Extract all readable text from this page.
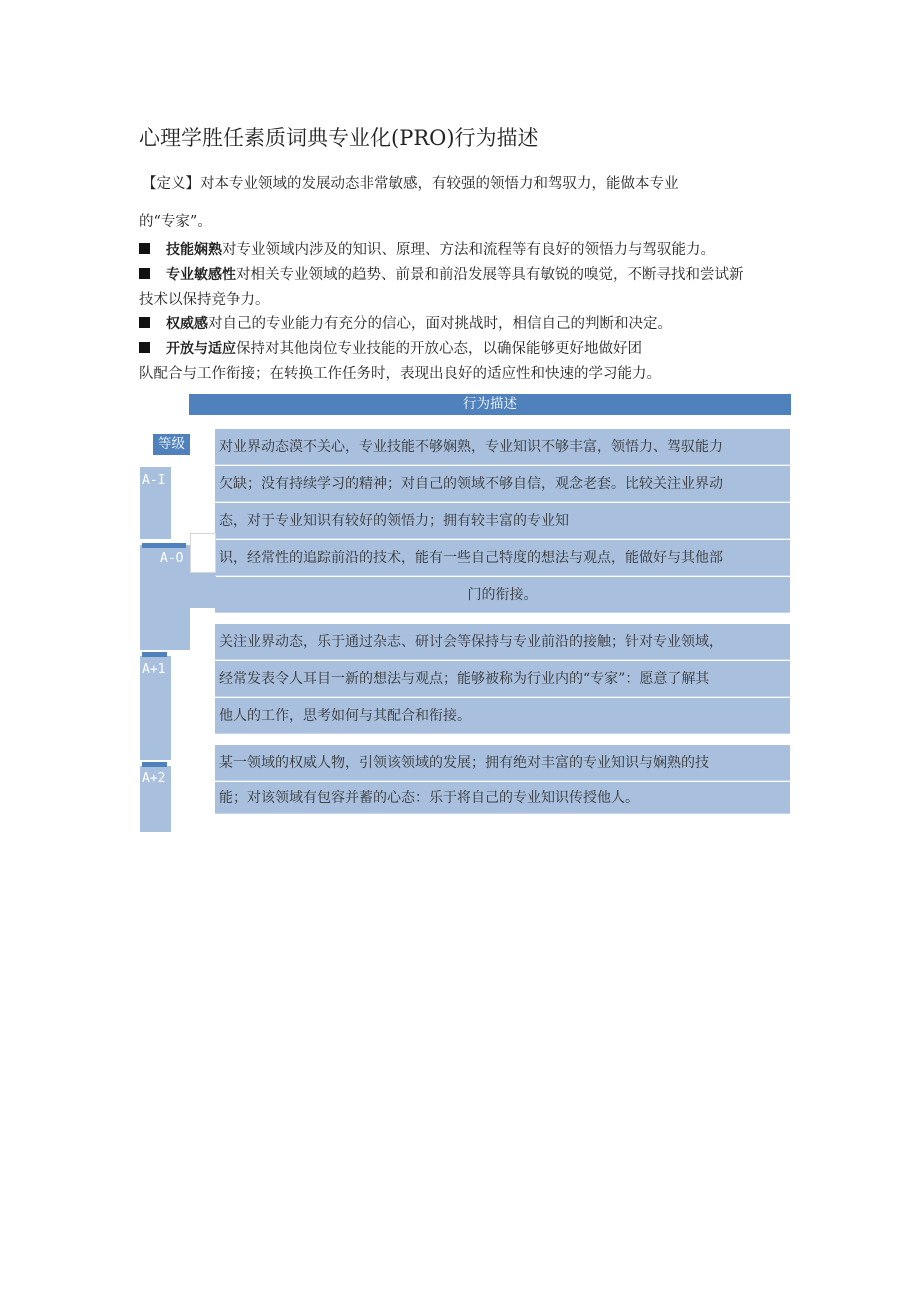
心理学胜任素质词典专业化(PRO)行为描述
【定义】对本专业领域的发展动态非常敏感，有较强的领悟力和驾驭力，能做本专业
的“专家”。
技能娴熟对专业领域内涉及的知识、原理、方法和流程等有良好的领悟力与驾驭能力。
专业敏感性对相关专业领域的趋势、前景和前沿发展等具有敏锐的嗅觉，不断寻找和尝试新
技术以保持竞争力。
权威感对自己的专业能力有充分的信心，面对挑战时，相信自己的判断和决定。
开放与适应保持对其他岗位专业技能的开放心态，以确保能够更好地做好团
队配合与工作衔接；在转换工作任务时，表现出良好的适应性和快速的学习能力。
行为描述
等级
A-I
A-O
A+1
A+2
对业界动态漠不关心，专业技能不够娴熟，专业知识不够丰富，领悟力、驾驭能力
欠缺；没有持续学习的精神；对自己的领域不够自信，观念老套。比较关注业界动
态，对于专业知识有较好的领悟力；拥有较丰富的专业知
识，经常性的追踪前沿的技术，能有一些自己特度的想法与观点，能做好与其他部
门的衔接。
关注业界动态，乐于通过杂志、研讨会等保持与专业前沿的接触；针对专业领域，
经常发表令人耳目一新的想法与观点；能够被称为行业内的“专家”：愿意了解其
他人的工作，思考如何与其配合和衔接。
某一领域的权威人物，引领该领域的发展；拥有绝对丰富的专业知识与娴熟的技
能；对该领域有包容并蓄的心态：乐于将自己的专业知识传授他人。
